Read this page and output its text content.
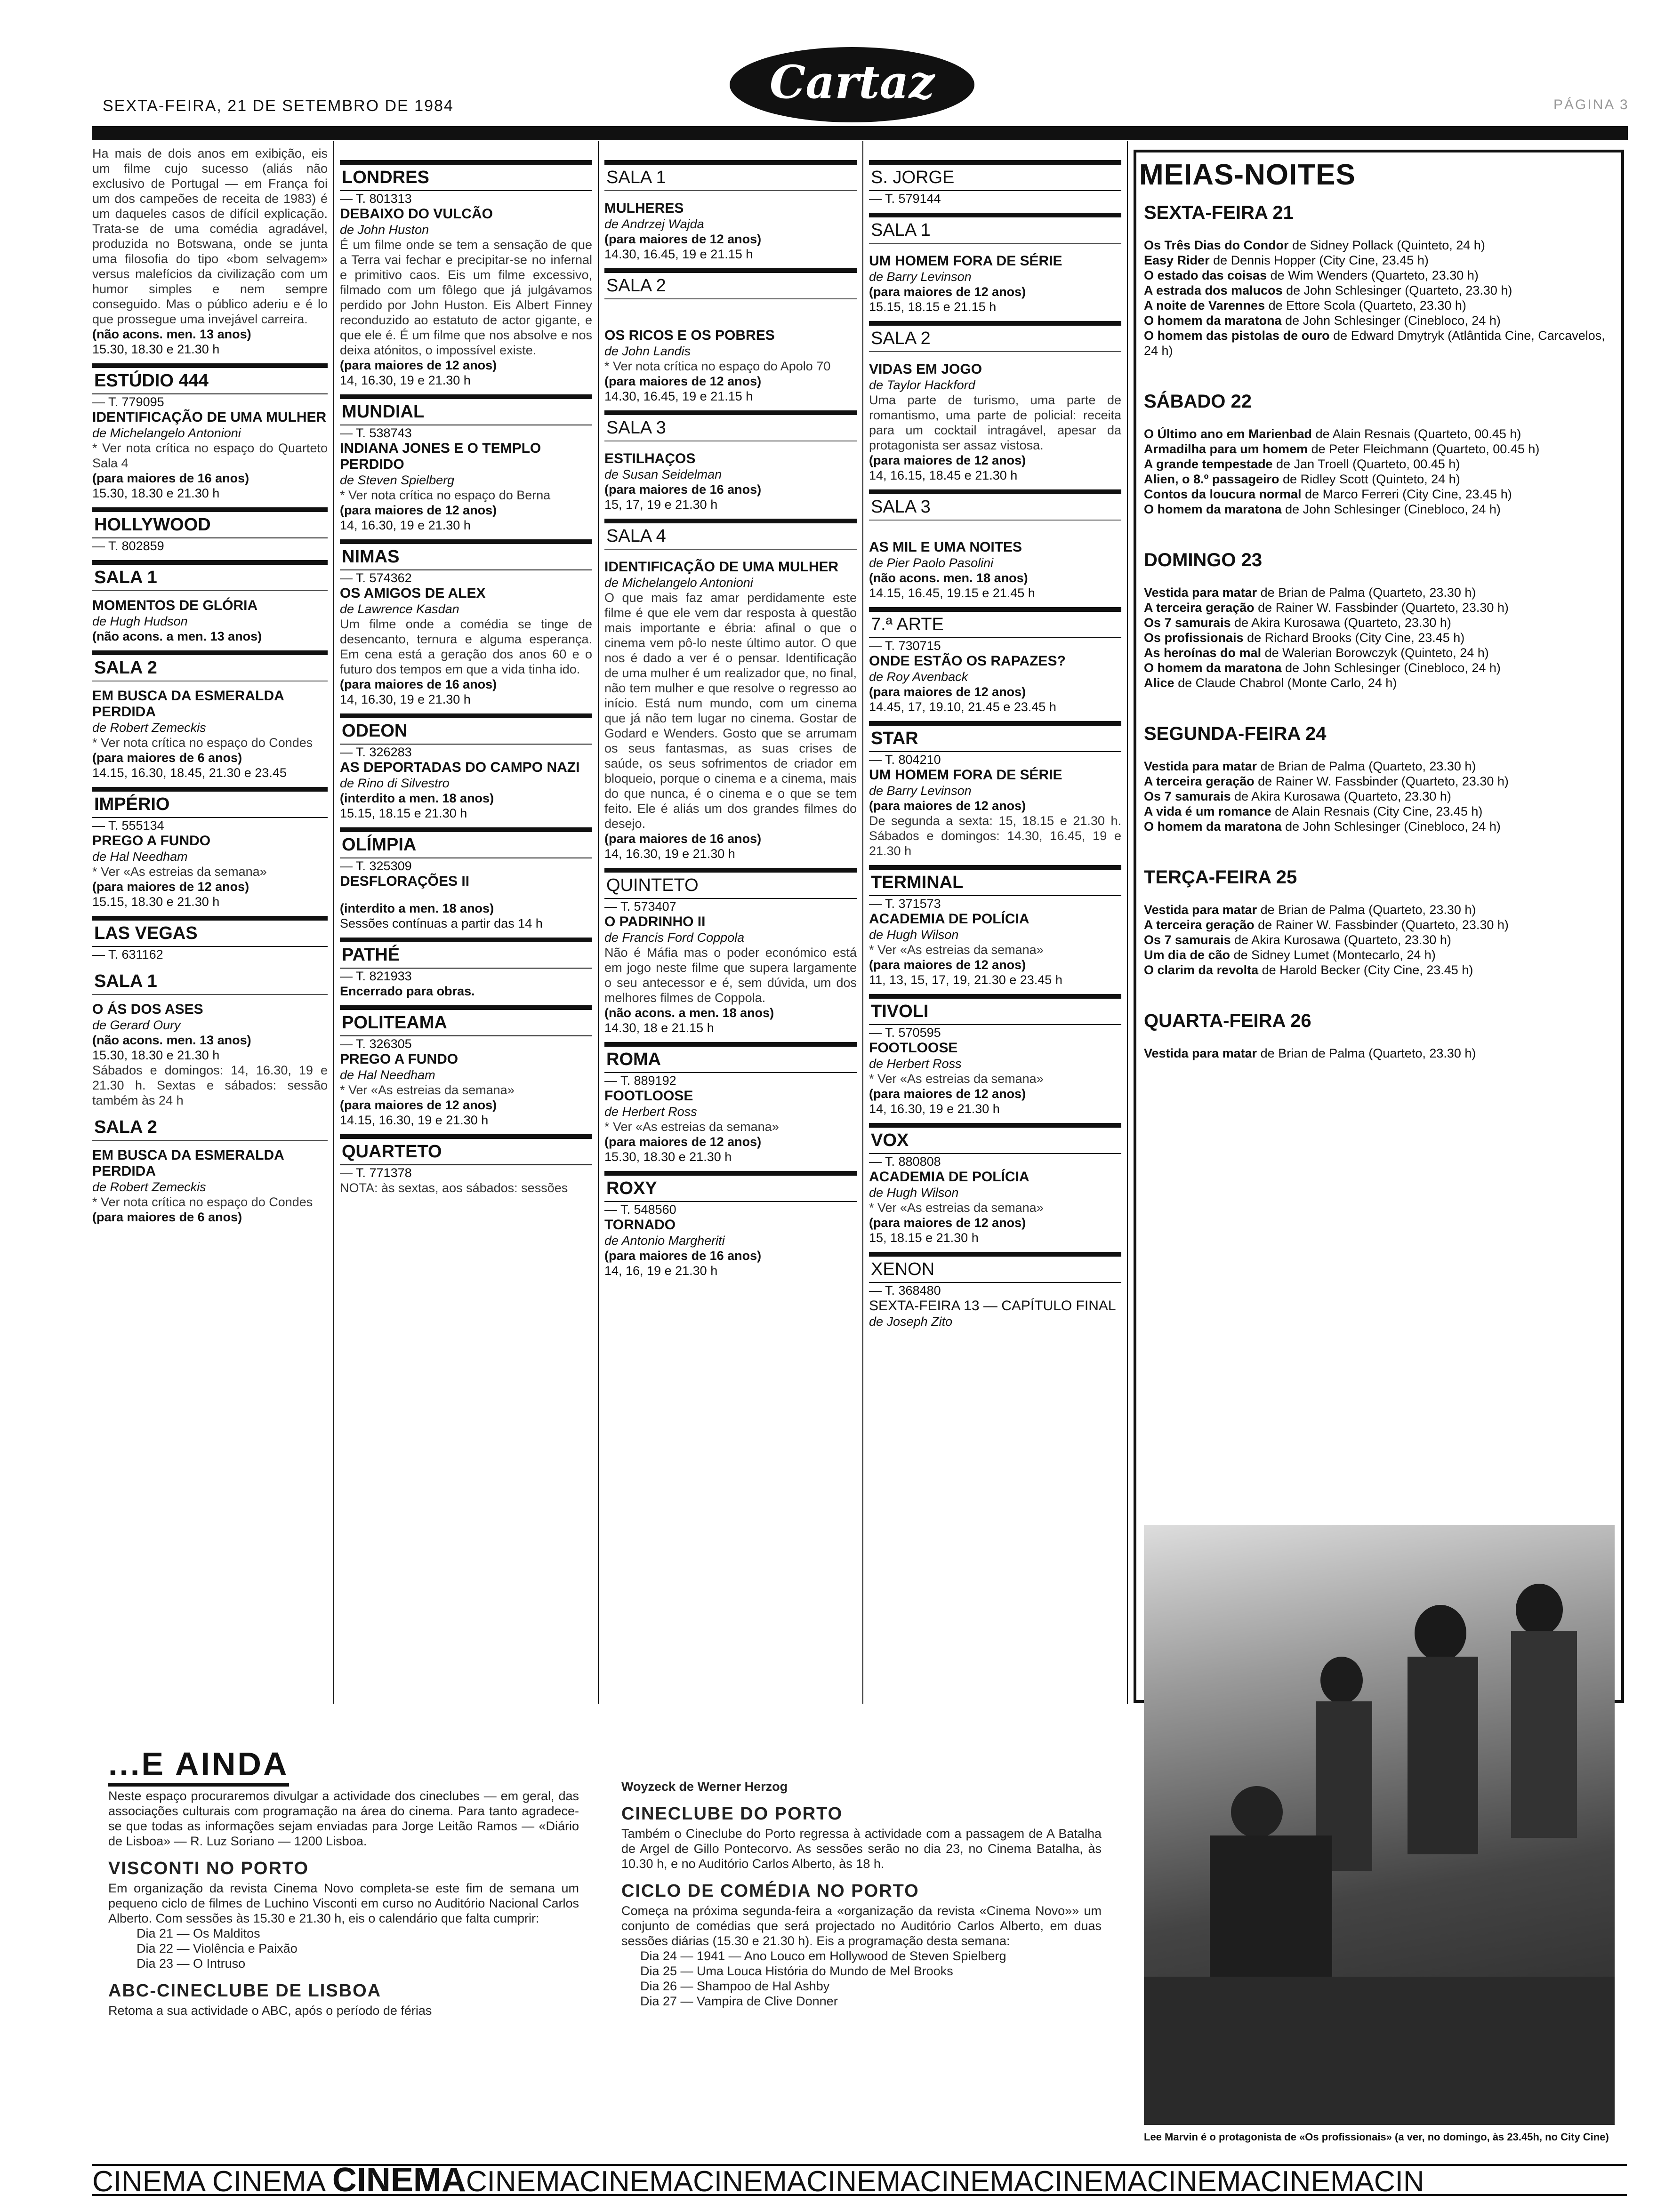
SEXTA-FEIRA, 21 DE SETEMBRO DE 1984	Cartaz	PÁGINA 3

Ha mais de dois anos em exibição, eis um filme cujo sucesso (aliás não exclusivo de Portugal — em França foi um dos campeões de receita de 1983) é um daqueles casos de difícil explicação. Trata-se de uma comédia agradável, produzida no Botswana, onde se junta uma filosofia do tipo «bom selvagem» versus malefícios da civilização com um humor simples e nem sempre conseguido. Mas o público aderiu e é lo que prossegue uma invejável carreira.

(não acons. men. 13 anos)

15.30, 18.30 e 21.30 h

ESTÚDIO 444

— T. 779095

IDENTIFICAÇÃO DE UMA MULHER

de Michelangelo Antonioni

* Ver nota crítica no espaço do Quarteto Sala 4

(para maiores de 16 anos)

15.30, 18.30 e 21.30 h

HOLLYWOOD

— T. 802859

SALA 1

MOMENTOS DE GLÓRIA

de Hugh Hudson

(não acons. a men. 13 anos)

SALA 2

EM BUSCA DA ESMERALDA PERDIDA

de Robert Zemeckis

* Ver nota crítica no espaço do Condes

(para maiores de 6 anos)

14.15, 16.30, 18.45, 21.30 e 23.45

IMPÉRIO

— T. 555134

PREGO A FUNDO

de Hal Needham

* Ver «As estreias da semana»

(para maiores de 12 anos)

15.15, 18.30 e 21.30 h

LAS VEGAS

— T. 631162

SALA 1

O ÁS DOS ASES

de Gerard Oury

(não acons. men. 13 anos)

15.30, 18.30 e 21.30 h

Sábados e domingos: 14, 16.30, 19 e 21.30 h. Sextas e sábados: sessão também às 24 h

SALA 2

EM BUSCA DA ESMERALDA PERDIDA

de Robert Zemeckis

* Ver nota crítica no espaço do Condes

(para maiores de 6 anos)

LONDRES

— T. 801313

DEBAIXO DO VULCÃO

de John Huston

É um filme onde se tem a sensação de que a Terra vai fechar e precipitar-se no infernal e primitivo caos. Eis um filme excessivo, filmado com um fôlego que já julgávamos perdido por John Huston. Eis Albert Finney reconduzido ao estatuto de actor gigante, e que ele é. É um filme que nos absolve e nos deixa atónitos, o impossível existe.

(para maiores de 12 anos)

14, 16.30, 19 e 21.30 h

MUNDIAL

— T. 538743

INDIANA JONES E O TEMPLO PERDIDO

de Steven Spielberg

* Ver nota crítica no espaço do Berna

(para maiores de 12 anos)

14, 16.30, 19 e 21.30 h

NIMAS

— T. 574362

OS AMIGOS DE ALEX

de Lawrence Kasdan

Um filme onde a comédia se tinge de desencanto, ternura e alguma esperança. Em cena está a geração dos anos 60 e o futuro dos tempos em que a vida tinha ido.

(para maiores de 16 anos)

14, 16.30, 19 e 21.30 h

ODEON

— T. 326283

AS DEPORTADAS DO CAMPO NAZI

de Rino di Silvestro

(interdito a men. 18 anos)

15.15, 18.15 e 21.30 h

OLÍMPIA

— T. 325309

DESFLORAÇÕES II

(interdito a men. 18 anos)

Sessões contínuas a partir das 14 h

PATHÉ

— T. 821933

Encerrado para obras.

POLITEAMA

— T. 326305

PREGO A FUNDO

de Hal Needham

* Ver «As estreias da semana»

(para maiores de 12 anos)

14.15, 16.30, 19 e 21.30 h

QUARTETO

— T. 771378

NOTA: às sextas, aos sábados: sessões

SALA 1

MULHERES

de Andrzej Wajda

(para maiores de 12 anos)

14.30, 16.45, 19 e 21.15 h

SALA 2

OS RICOS E OS POBRES

de John Landis

* Ver nota crítica no espaço do Apolo 70

(para maiores de 12 anos)

14.30, 16.45, 19 e 21.15 h

SALA 3

ESTILHAÇOS

de Susan Seidelman

(para maiores de 16 anos)

15, 17, 19 e 21.30 h

SALA 4

IDENTIFICAÇÃO DE UMA MULHER

de Michelangelo Antonioni

O que mais faz amar perdidamente este filme é que ele vem dar resposta à questão mais importante e ébria: afinal o que o cinema vem pô-lo neste último autor. O que nos é dado a ver é o pensar. Identificação de uma mulher é um realizador que, no final, não tem mulher e que resolve o regresso ao início. Está num mundo, com um cinema que já não tem lugar no cinema. Gostar de Godard e Wenders. Gosto que se arrumam os seus fantasmas, as suas crises de saúde, os seus sofrimentos de criador em bloqueio, porque o cinema e a cinema, mais do que nunca, é o cinema e o que se tem feito. Ele é aliás um dos grandes filmes do desejo.

(para maiores de 16 anos)

14, 16.30, 19 e 21.30 h

QUINTETO

— T. 573407

O PADRINHO II

de Francis Ford Coppola

Não é Máfia mas o poder económico está em jogo neste filme que supera largamente o seu antecessor e é, sem dúvida, um dos melhores filmes de Coppola.

(não acons. a men. 18 anos)

14.30, 18 e 21.15 h

ROMA

— T. 889192

FOOTLOOSE

de Herbert Ross

* Ver «As estreias da semana»

(para maiores de 12 anos)

15.30, 18.30 e 21.30 h

ROXY

— T. 548560

TORNADO

de Antonio Margheriti

(para maiores de 16 anos)

14, 16, 19 e 21.30 h

S. JORGE

— T. 579144

SALA 1

UM HOMEM FORA DE SÉRIE

de Barry Levinson

(para maiores de 12 anos)

15.15, 18.15 e 21.15 h

SALA 2

VIDAS EM JOGO

de Taylor Hackford

Uma parte de turismo, uma parte de romantismo, uma parte de policial: receita para um cocktail intragável, apesar da protagonista ser assaz vistosa.

(para maiores de 12 anos)

14, 16.15, 18.45 e 21.30 h

SALA 3

AS MIL E UMA NOITES

de Pier Paolo Pasolini

(não acons. men. 18 anos)

14.15, 16.45, 19.15 e 21.45 h

7.ª ARTE

— T. 730715

ONDE ESTÃO OS RAPAZES?

de Roy Avenback

(para maiores de 12 anos)

14.45, 17, 19.10, 21.45 e 23.45 h

STAR

— T. 804210

UM HOMEM FORA DE SÉRIE

de Barry Levinson

(para maiores de 12 anos)

De segunda a sexta: 15, 18.15 e 21.30 h. Sábados e domingos: 14.30, 16.45, 19 e 21.30 h

TERMINAL

— T. 371573

ACADEMIA DE POLÍCIA

de Hugh Wilson

* Ver «As estreias da semana»

(para maiores de 12 anos)

11, 13, 15, 17, 19, 21.30 e 23.45 h

TIVOLI

— T. 570595

FOOTLOOSE

de Herbert Ross

* Ver «As estreias da semana»

(para maiores de 12 anos)

14, 16.30, 19 e 21.30 h

VOX

— T. 880808

ACADEMIA DE POLÍCIA

de Hugh Wilson

* Ver «As estreias da semana»

(para maiores de 12 anos)

15, 18.15 e 21.30 h

XENON

— T. 368480

SEXTA-FEIRA 13 — CAPÍTULO FINAL

de Joseph Zito

MEIAS-NOITES

SEXTA-FEIRA 21

Os Três Dias do Condor de Sidney Pollack (Quinteto, 24 h)

Easy Rider de Dennis Hopper (City Cine, 23.45 h)

O estado das coisas de Wim Wenders (Quarteto, 23.30 h)

A estrada dos malucos de John Schlesinger (Quarteto, 23.30 h)

A noite de Varennes de Ettore Scola (Quarteto, 23.30 h)

O homem da maratona de John Schlesinger (Cinebloco, 24 h)

O homem das pistolas de ouro de Edward Dmytryk (Atlântida Cine, Carcavelos, 24 h)

SÁBADO 22

O Último ano em Marienbad de Alain Resnais (Quarteto, 00.45 h)

Armadilha para um homem de Peter Fleichmann (Quarteto, 00.45 h)

A grande tempestade de Jan Troell (Quarteto, 00.45 h)

Alien, o 8.º passageiro de Ridley Scott (Quinteto, 24 h)

Contos da loucura normal de Marco Ferreri (City Cine, 23.45 h)

O homem da maratona de John Schlesinger (Cinebloco, 24 h)

DOMINGO 23

Vestida para matar de Brian de Palma (Quarteto, 23.30 h)

A terceira geração de Rainer W. Fassbinder (Quarteto, 23.30 h)

Os 7 samurais de Akira Kurosawa (Quarteto, 23.30 h)

Os profissionais de Richard Brooks (City Cine, 23.45 h)

As heroínas do mal de Walerian Borowczyk (Quinteto, 24 h)

O homem da maratona de John Schlesinger (Cinebloco, 24 h)

Alice de Claude Chabrol (Monte Carlo, 24 h)

SEGUNDA-FEIRA 24

Vestida para matar de Brian de Palma (Quarteto, 23.30 h)

A terceira geração de Rainer W. Fassbinder (Quarteto, 23.30 h)

Os 7 samurais de Akira Kurosawa (Quarteto, 23.30 h)

A vida é um romance de Alain Resnais (City Cine, 23.45 h)

O homem da maratona de John Schlesinger (Cinebloco, 24 h)

TERÇA-FEIRA 25

Vestida para matar de Brian de Palma (Quarteto, 23.30 h)

A terceira geração de Rainer W. Fassbinder (Quarteto, 23.30 h)

Os 7 samurais de Akira Kurosawa (Quarteto, 23.30 h)

Um dia de cão de Sidney Lumet (Montecarlo, 24 h)

O clarim da revolta de Harold Becker (City Cine, 23.45 h)

QUARTA-FEIRA 26

Vestida para matar de Brian de Palma (Quarteto, 23.30 h)

Lee Marvin é o protagonista de «Os profissionais» (a ver, no domingo, às 23.45h, no City Cine)
...E AINDA

Neste espaço procuraremos divulgar a actividade dos cineclubes — em geral, das associações culturais com programação na área do cinema. Para tanto agradece-se que todas as informações sejam enviadas para Jorge Leitão Ramos — «Diário de Lisboa» — R. Luz Soriano — 1200 Lisboa.

VISCONTI NO PORTO

Em organização da revista Cinema Novo completa-se este fim de semana um pequeno ciclo de filmes de Luchino Visconti em curso no Auditório Nacional Carlos Alberto. Com sessões às 15.30 e 21.30 h, eis o calendário que falta cumprir:

Dia 21 — Os Malditos

Dia 22 — Violência e Paixão

Dia 23 — O Intruso

ABC-CINECLUBE DE LISBOA

Retoma a sua actividade o ABC, após o período de férias

Woyzeck de Werner Herzog

CINECLUBE DO PORTO

Também o Cineclube do Porto regressa à actividade com a passagem de A Batalha de Argel de Gillo Pontecorvo. As sessões serão no dia 23, no Cinema Batalha, às 10.30 h, e no Auditório Carlos Alberto, às 18 h.

CICLO DE COMÉDIA NO PORTO

Começa na próxima segunda-feira a «organização da revista «Cinema Novo»» um conjunto de comédias que será projectado no Auditório Carlos Alberto, em duas sessões diárias (15.30 e 21.30 h). Eis a programação desta semana:

Dia 24 — 1941 — Ano Louco em Hollywood de Steven Spielberg

Dia 25 — Uma Louca História do Mundo de Mel Brooks

Dia 26 — Shampoo de Hal Ashby

Dia 27 — Vampira de Clive Donner

CINEMA CINEMA CINEMACINEMACINEMACINEMACINEMACINEMACINEMACINEMACINEMACIN
